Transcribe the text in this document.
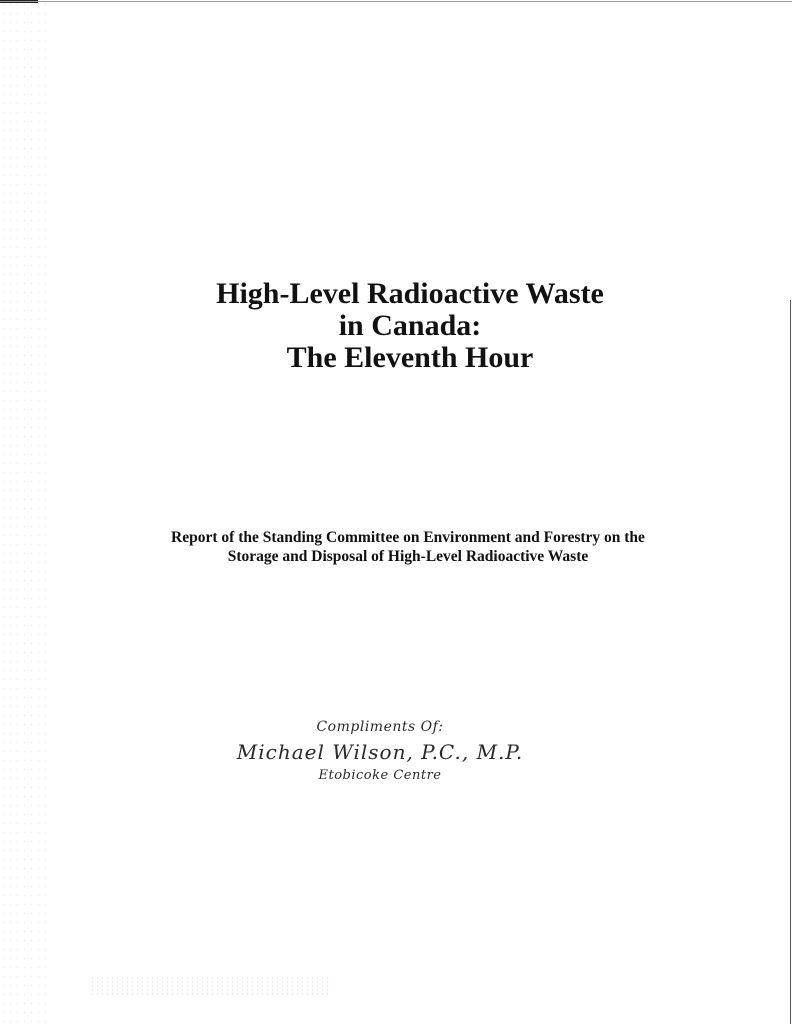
High-Level Radioactive Waste
in Canada:
The Eleventh Hour

Report of the Standing Committee on Environment and Forestry on the
Storage and Disposal of High-Level Radioactive Waste

Compliments Of:
Michael Wilson, P.C., M.P.
Etobicoke Centre
